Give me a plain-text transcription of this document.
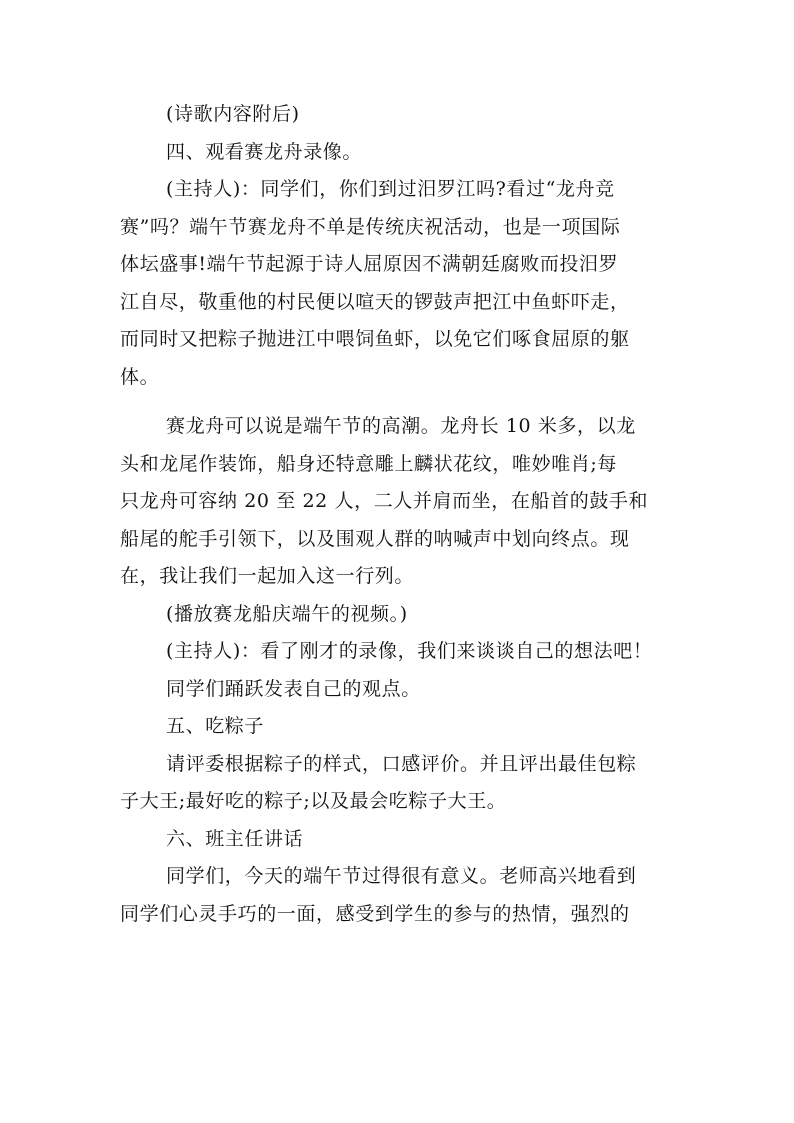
(诗歌内容附后)

四、观看赛龙舟录像。

(主持人)：同学们，你们到过汨罗江吗?看过“龙舟竞

赛”吗？端午节赛龙舟不单是传统庆祝活动，也是一项国际

体坛盛事!端午节起源于诗人屈原因不满朝廷腐败而投汨罗

江自尽，敬重他的村民便以喧天的锣鼓声把江中鱼虾吓走，

而同时又把粽子抛进江中喂饲鱼虾，以免它们啄食屈原的躯

体。

赛龙舟可以说是端午节的高潮。龙舟长 10 米多，以龙

头和龙尾作装饰，船身还特意雕上麟状花纹，唯妙唯肖;每

只龙舟可容纳 20 至 22 人，二人并肩而坐，在船首的鼓手和

船尾的舵手引领下，以及围观人群的呐喊声中划向终点。现

在，我让我们一起加入这一行列。

(播放赛龙船庆端午的视频。)

(主持人)：看了刚才的录像，我们来谈谈自己的想法吧！

同学们踊跃发表自己的观点。

五、吃粽子

请评委根据粽子的样式，口感评价。并且评出最佳包粽

子大王;最好吃的粽子;以及最会吃粽子大王。

六、班主任讲话

同学们，今天的端午节过得很有意义。老师高兴地看到

同学们心灵手巧的一面，感受到学生的参与的热情，强烈的
